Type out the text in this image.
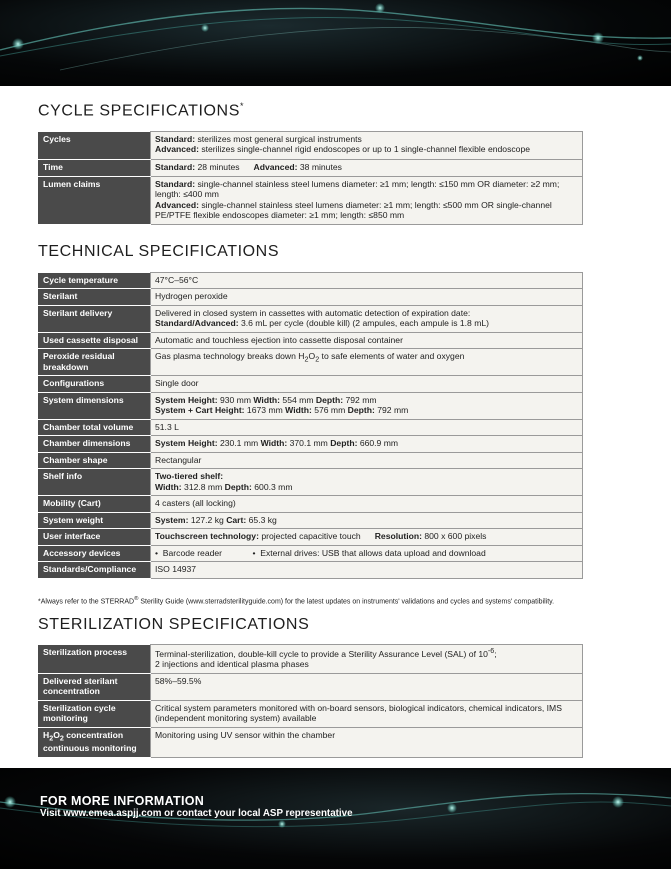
CYCLE SPECIFICATIONS*
Cycles	Standard: sterilizes most general surgical instruments
Advanced: sterilizes single-channel rigid endoscopes or up to 1 single-channel flexible endoscope
Time	Standard: 28 minutes Advanced: 38 minutes
Lumen claims	Standard: single-channel stainless steel lumens diameter: ≥1 mm; length: ≤150 mm OR diameter: ≥2 mm; length: ≤400 mm
Advanced: single-channel stainless steel lumens diameter: ≥1 mm; length: ≤500 mm OR single-channel PE/PTFE flexible endoscopes diameter: ≥1 mm; length: ≤850 mm
TECHNICAL SPECIFICATIONS
Cycle temperature	47°C–56°C
Sterilant	Hydrogen peroxide
Sterilant delivery	Delivered in closed system in cassettes with automatic detection of expiration date:
Standard/Advanced: 3.6 mL per cycle (double kill) (2 ampules, each ampule is 1.8 mL)
Used cassette disposal	Automatic and touchless ejection into cassette disposal container
Peroxide residual breakdown	Gas plasma technology breaks down $H_2O_2$ to safe elements of water and oxygen
Configurations	Single door
System dimensions	System Height: 930 mm Width: 554 mm Depth: 792 mm
System + Cart Height: 1673 mm Width: 576 mm Depth: 792 mm
Chamber total volume	51.3 L
Chamber dimensions	System Height: 230.1 mm Width: 370.1 mm Depth: 660.9 mm
Chamber shape	Rectangular
Shelf info	Two-tiered shelf:
Width: 312.8 mm Depth: 600.3 mm
Mobility (Cart)	4 casters (all locking)
System weight	System: 127.2 kg Cart: 65.3 kg
User interface	Touchscreen technology: projected capacitive touch Resolution: 800 x 600 pixels
Accessory devices	• Barcode reader • External drives: USB that allows data upload and download
Standards/Compliance	ISO 14937
*Always refer to the STERRAD® Sterility Guide (www.sterradsterilityguide.com) for the latest updates on instruments' validations and cycles and systems' compatibility.
STERILIZATION SPECIFICATIONS
Sterilization process	Terminal-sterilization, double-kill cycle to provide a Sterility Assurance Level (SAL) of $10^{-6}$;
2 injections and identical plasma phases
Delivered sterilant concentration	58%–59.5%
Sterilization cycle monitoring	Critical system parameters monitored with on-board sensors, biological indicators, chemical indicators, IMS (independent monitoring system) available
$H_2O_2$ concentration continuous monitoring	Monitoring using UV sensor within the chamber
FOR MORE INFORMATION
Visit www.emea.aspjj.com or contact your local ASP representative
